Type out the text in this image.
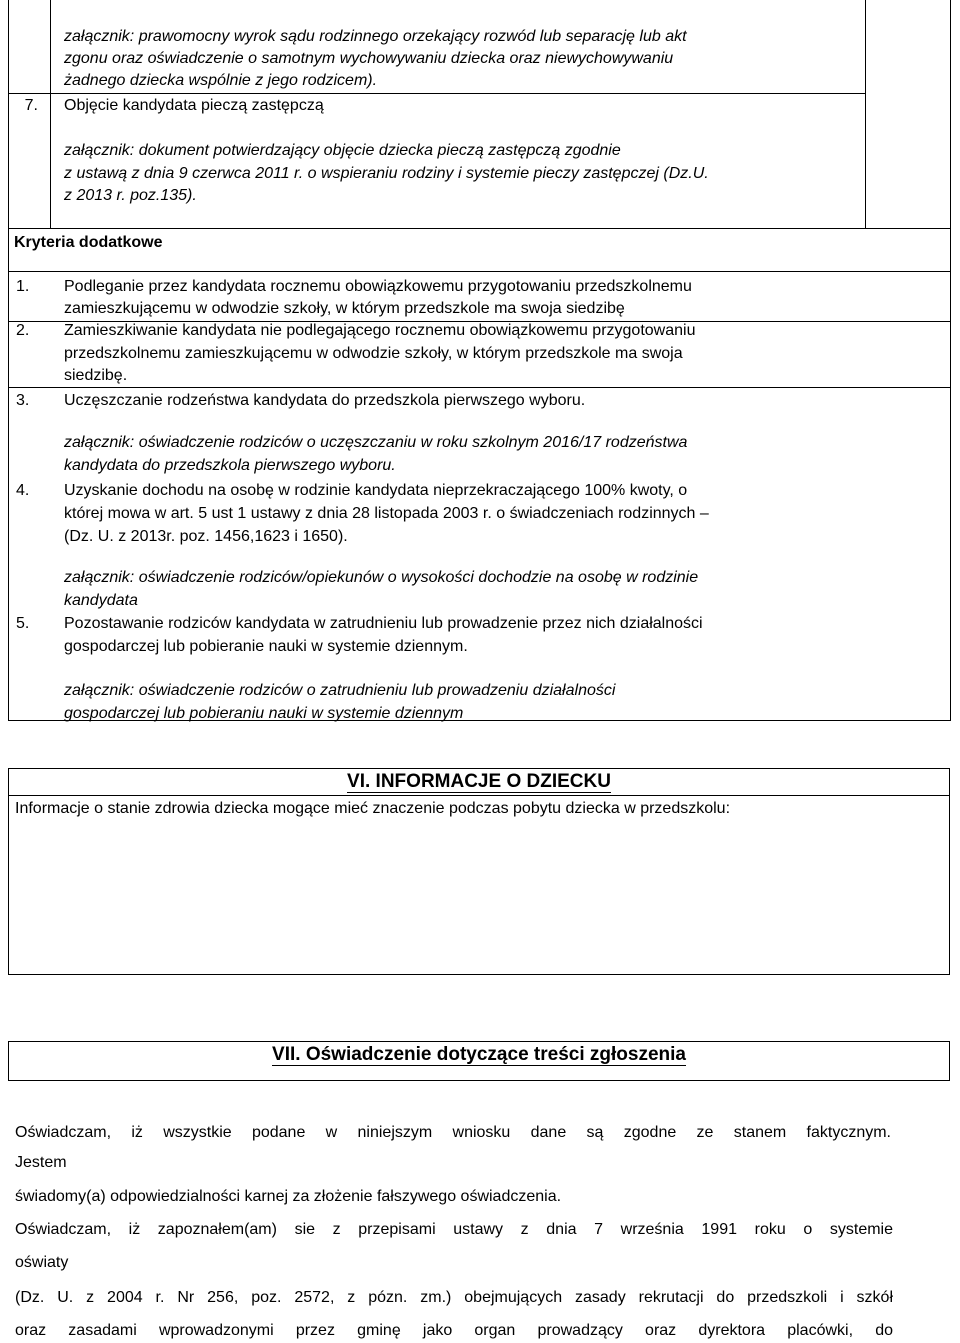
załącznik: prawomocny wyrok sądu rodzinnego orzekający rozwód lub separację lub akt
zgonu oraz oświadczenie o samotnym wychowywaniu dziecka oraz niewychowywaniu
żadnego dziecka wspólnie z jego rodzicem).
7. Objęcie kandydata pieczą zastępczą
załącznik: dokument potwierdzający objęcie dziecka pieczą zastępczą zgodnie
z ustawą z dnia 9 czerwca 2011 r. o wspieraniu rodziny i systemie pieczy zastępczej (Dz.U.
z 2013 r. poz.135).
Kryteria dodatkowe
1. Podleganie przez kandydata rocznemu obowiązkowemu przygotowaniu przedszkolnemu
zamieszkującemu w odwodzie szkoły, w którym przedszkole ma swoja siedzibę
2. Zamieszkiwanie kandydata nie podlegającego rocznemu obowiązkowemu przygotowaniu
przedszkolnemu zamieszkującemu w odwodzie szkoły, w którym przedszkole ma swoja
siedzibę.
3. Uczęszczanie rodzeństwa kandydata do przedszkola pierwszego wyboru.
załącznik: oświadczenie rodziców o uczęszczaniu w roku szkolnym 2016/17 rodzeństwa
kandydata do przedszkola pierwszego wyboru.
4. Uzyskanie dochodu na osobę w rodzinie kandydata nieprzekraczającego 100% kwoty, o
której mowa w art. 5 ust 1 ustawy z dnia 28 listopada 2003 r. o świadczeniach rodzinnych –
(Dz. U. z 2013r. poz. 1456,1623 i 1650).
załącznik: oświadczenie rodziców/opiekunów o wysokości dochodzie na osobę w rodzinie
kandydata
5. Pozostawanie rodziców kandydata w zatrudnieniu lub prowadzenie przez nich działalności
gospodarczej lub pobieranie nauki w systemie dziennym.
załącznik: oświadczenie rodziców o zatrudnieniu lub prowadzeniu działalności
gospodarczej lub pobieraniu nauki w systemie dziennym
VI. INFORMACJE O DZIECKU
Informacje o stanie zdrowia dziecka mogące mieć znaczenie podczas pobytu dziecka w przedszkolu:
VII. Oświadczenie dotyczące treści zgłoszenia
Oświadczam, iż wszystkie podane w niniejszym wniosku dane są zgodne ze stanem faktycznym.
Jestem
świadomy(a) odpowiedzialności karnej za złożenie fałszywego oświadczenia.
Oświadczam, iż zapoznałem(am) sie z przepisami ustawy z dnia 7 września 1991 roku o systemie
oświaty
(Dz. U. z 2004 r. Nr 256, poz. 2572, z pózn. zm.) obejmujących zasady rekrutacji do przedszkoli i szkół
oraz zasadami wprowadzonymi przez gminę jako organ prowadzący oraz dyrektora placówki, do
